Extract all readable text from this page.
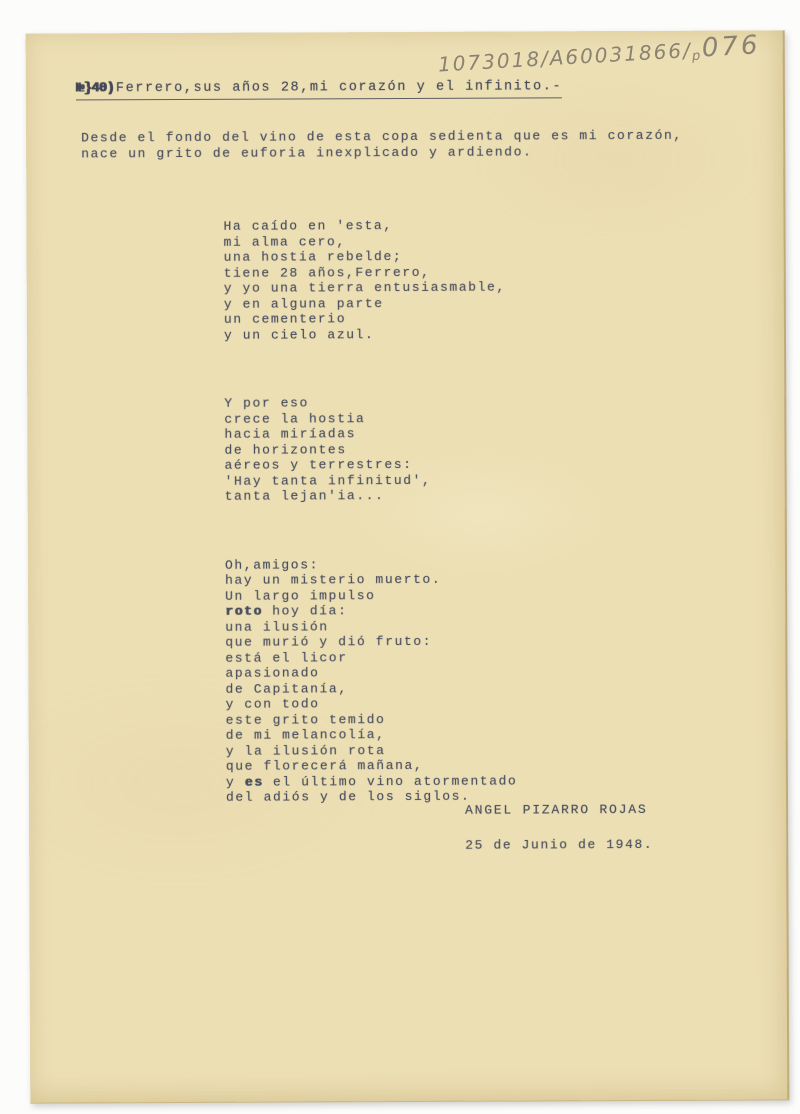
1073018/A60031866/p076
№}40) Ferrero,sus años 28,mi corazón y el infinito.-
Desde el fondo del vino de esta copa sedienta que es mi corazón,
nace un grito de euforia inexplicado y ardiendo.

Ha caído en 'esta,
mi alma cero,
una hostia rebelde;
tiene 28 años,Ferrero,
y yo una tierra entusiasmable,
y en alguna parte
un cementerio
y un cielo azul.

Y por eso
crece la hostia
hacia miríadas
de horizontes
aéreos y terrestres:
'Hay tanta infinitud',
tanta lejan'ia...

Oh,amigos:
hay un misterio muerto.
Un largo impulso
roto hoy día:
una ilusión
que murió y dió fruto:
está el licor
apasionado
de Capitanía,
y con todo
este grito temido
de mi melancolía,
y la ilusión rota
que florecerá mañana,
y es el último vino atormentado
del adiós y de los siglos.

ANGEL PIZARRO ROJAS
25 de Junio de 1948.
